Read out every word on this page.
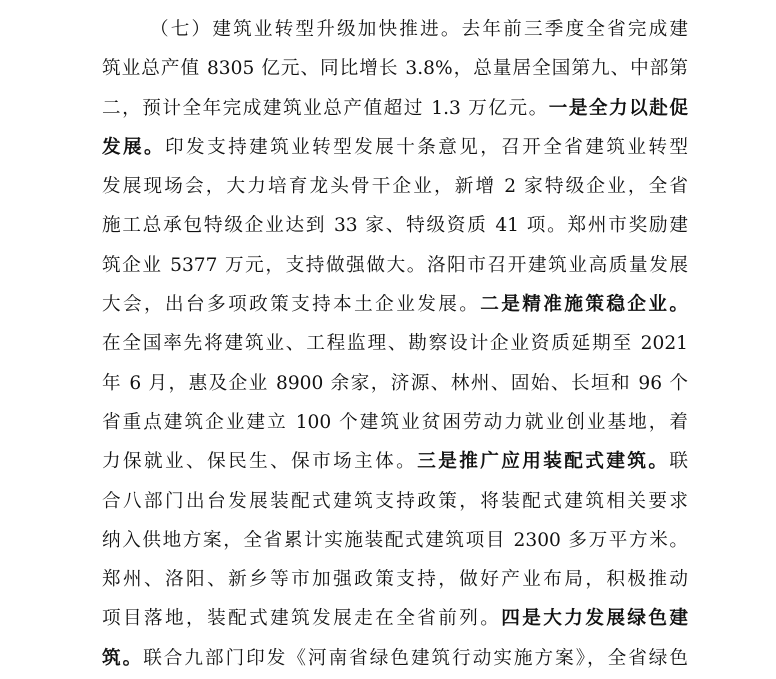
（七）建筑业转型升级加快推进。去年前三季度全省完成建
筑业总产值 8305 亿元、同比增长 3.8%，总量居全国第九、中部第
二，预计全年完成建筑业总产值超过 1.3 万亿元。一是全力以赴促
发展。印发支持建筑业转型发展十条意见，召开全省建筑业转型
发展现场会，大力培育龙头骨干企业，新增 2 家特级企业，全省
施工总承包特级企业达到 33 家、特级资质 41 项。郑州市奖励建
筑企业 5377 万元，支持做强做大。洛阳市召开建筑业高质量发展
大会，出台多项政策支持本土企业发展。二是精准施策稳企业。
在全国率先将建筑业、工程监理、勘察设计企业资质延期至 2021
年 6 月，惠及企业 8900 余家，济源、林州、固始、长垣和 96 个
省重点建筑企业建立 100 个建筑业贫困劳动力就业创业基地，着
力保就业、保民生、保市场主体。三是推广应用装配式建筑。联
合八部门出台发展装配式建筑支持政策，将装配式建筑相关要求
纳入供地方案，全省累计实施装配式建筑项目 2300 多万平方米。
郑州、洛阳、新乡等市加强政策支持，做好产业布局，积极推动
项目落地，装配式建筑发展走在全省前列。四是大力发展绿色建
筑。联合九部门印发《河南省绿色建筑行动实施方案》，全省绿色
